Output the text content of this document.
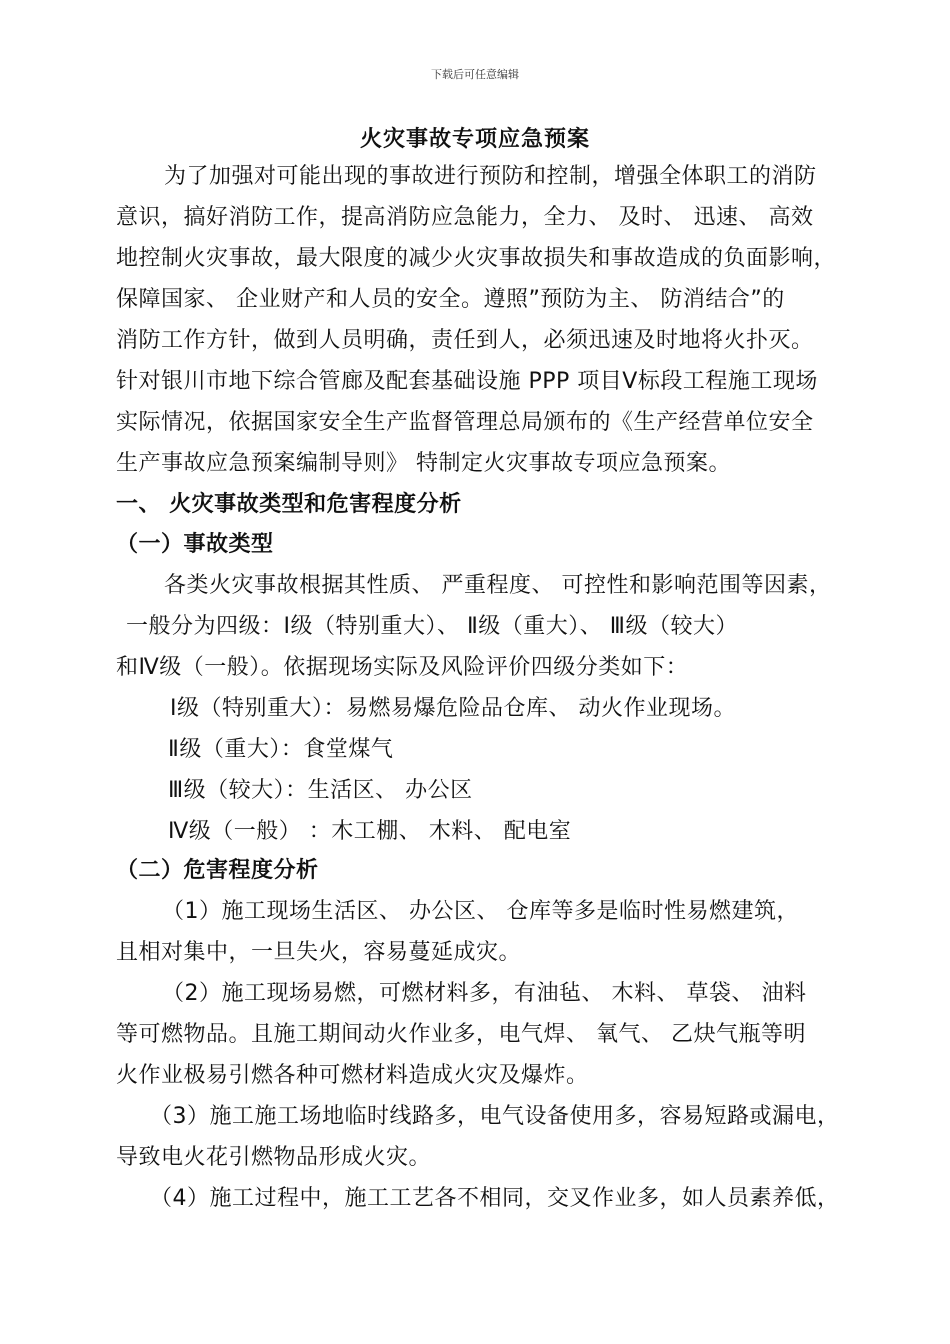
下载后可任意编辑
火灾事故专项应急预案
为了加强对可能出现的事故进行预防和控制，增强全体职工的消防
意识，搞好消防工作，提高消防应急能力，全力、 及时、 迅速、 高效
地控制火灾事故，最大限度的减少火灾事故损失和事故造成的负面影响，
保障国家、 企业财产和人员的安全。遵照”预防为主、 防消结合”的
消防工作方针，做到人员明确，责任到人，必须迅速及时地将火扑灭。
针对银川市地下综合管廊及配套基础设施 PPP 项目Ⅴ标段工程施工现场
实际情况，依据国家安全生产监督管理总局颁布的《生产经营单位安全
生产事故应急预案编制导则》 特制定火灾事故专项应急预案。
一、 火灾事故类型和危害程度分析
（一）事故类型
各类火灾事故根据其性质、 严重程度、 可控性和影响范围等因素，
一般分为四级：Ⅰ级（特别重大）、 Ⅱ级（重大）、 Ⅲ级（较大）
和Ⅳ级（一般）。依据现场实际及风险评价四级分类如下：
Ⅰ级（特别重大）：易燃易爆危险品仓库、 动火作业现场。
Ⅱ级（重大）：食堂煤气
Ⅲ级（较大）：生活区、 办公区
Ⅳ级（一般） ：木工棚、 木料、 配电室
（二）危害程度分析
（1）施工现场生活区、 办公区、 仓库等多是临时性易燃建筑，
且相对集中，一旦失火，容易蔓延成灾。
（2）施工现场易燃，可燃材料多，有油毡、 木料、 草袋、 油料
等可燃物品。且施工期间动火作业多，电气焊、 氧气、 乙炔气瓶等明
火作业极易引燃各种可燃材料造成火灾及爆炸。
（3）施工施工场地临时线路多，电气设备使用多，容易短路或漏电，
导致电火花引燃物品形成火灾。
（4）施工过程中，施工工艺各不相同，交叉作业多，如人员素养低，
